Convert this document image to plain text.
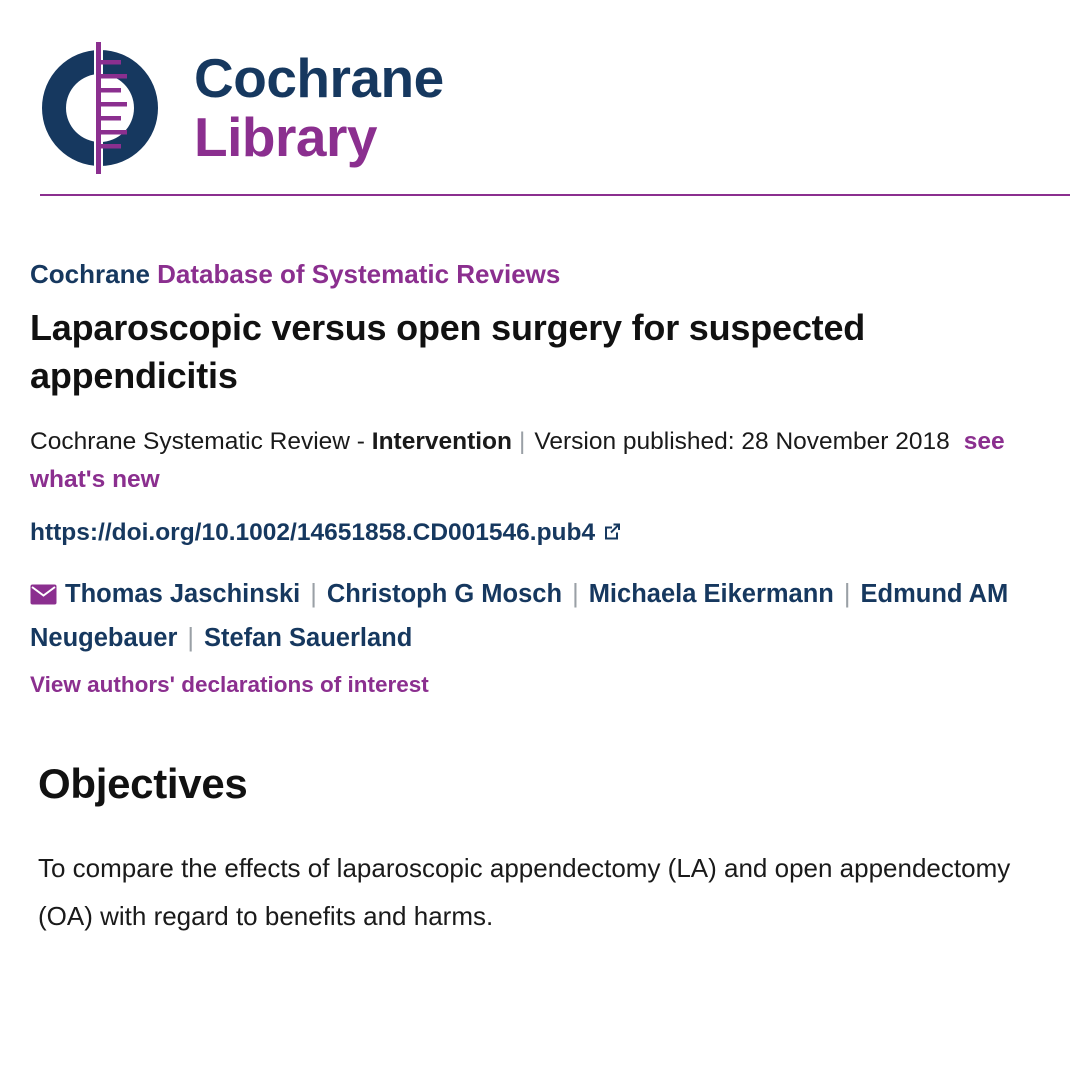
Cochrane
Library
Cochrane Database of Systematic Reviews
Laparoscopic versus open surgery for suspected appendicitis
Cochrane Systematic Review - Intervention | Version published: 28 November 2018 see what's new
https://doi.org/10.1002/14651858.CD001546.pub4
Thomas Jaschinski | Christoph G Mosch | Michaela Eikermann | Edmund AM Neugebauer | Stefan Sauerland
View authors' declarations of interest
Objectives

To compare the effects of laparoscopic appendectomy (LA) and open appendectomy (OA) with regard to benefits and harms.
